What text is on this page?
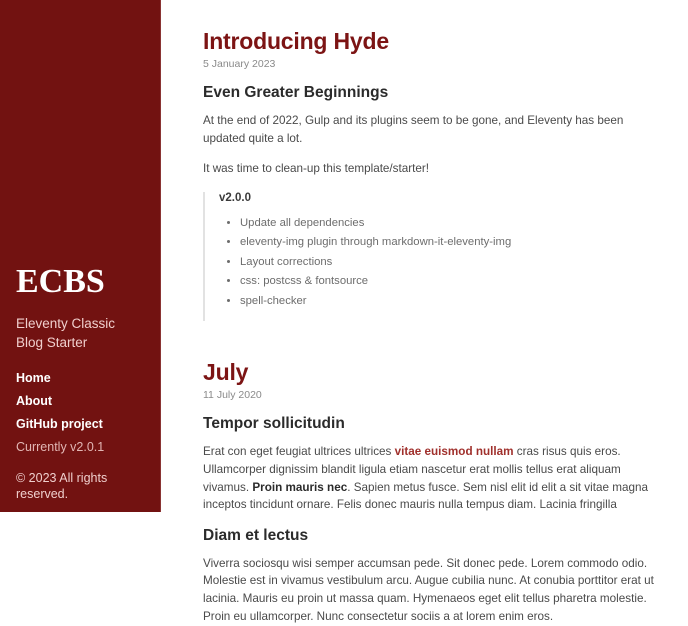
ECBS
Eleventy Classic Blog Starter
Home
About
GitHub project
Currently v2.0.1
© 2023 All rights reserved.
Introducing Hyde
5 January 2023
Even Greater Beginnings

At the end of 2022, Gulp and its plugins seem to be gone, and Eleventy has been updated quite a lot.

It was time to clean-up this template/starter!

v2.0.0
• Update all dependencies
• eleventy-img plugin through markdown-it-eleventy-img
• Layout corrections
• css: postcss & fontsource
• spell-checker
July
11 July 2020
Tempor sollicitudin

Erat con eget feugiat ultrices ultrices vitae euismod nullam cras risus quis eros. Ullamcorper dignissim blandit ligula etiam nascetur erat mollis tellus erat aliquam vivamus. Proin mauris nec. Sapien metus fusce. Sem nisl elit id elit a sit vitae magna inceptos tincidunt ornare. Felis donec mauris nulla tempus diam. Lacinia fringilla

Diam et lectus

Viverra sociosqu wisi semper accumsan pede. Sit donec pede. Lorem commodo odio. Molestie est in vivamus vestibulum arcu. Augue cubilia nunc. At conubia porttitor erat ut lacinia. Mauris eu proin ut massa quam. Hymenaeos eget elit tellus pharetra molestie. Proin eu ullamcorper. Nunc consectetur sociis a at lorem enim eros.
